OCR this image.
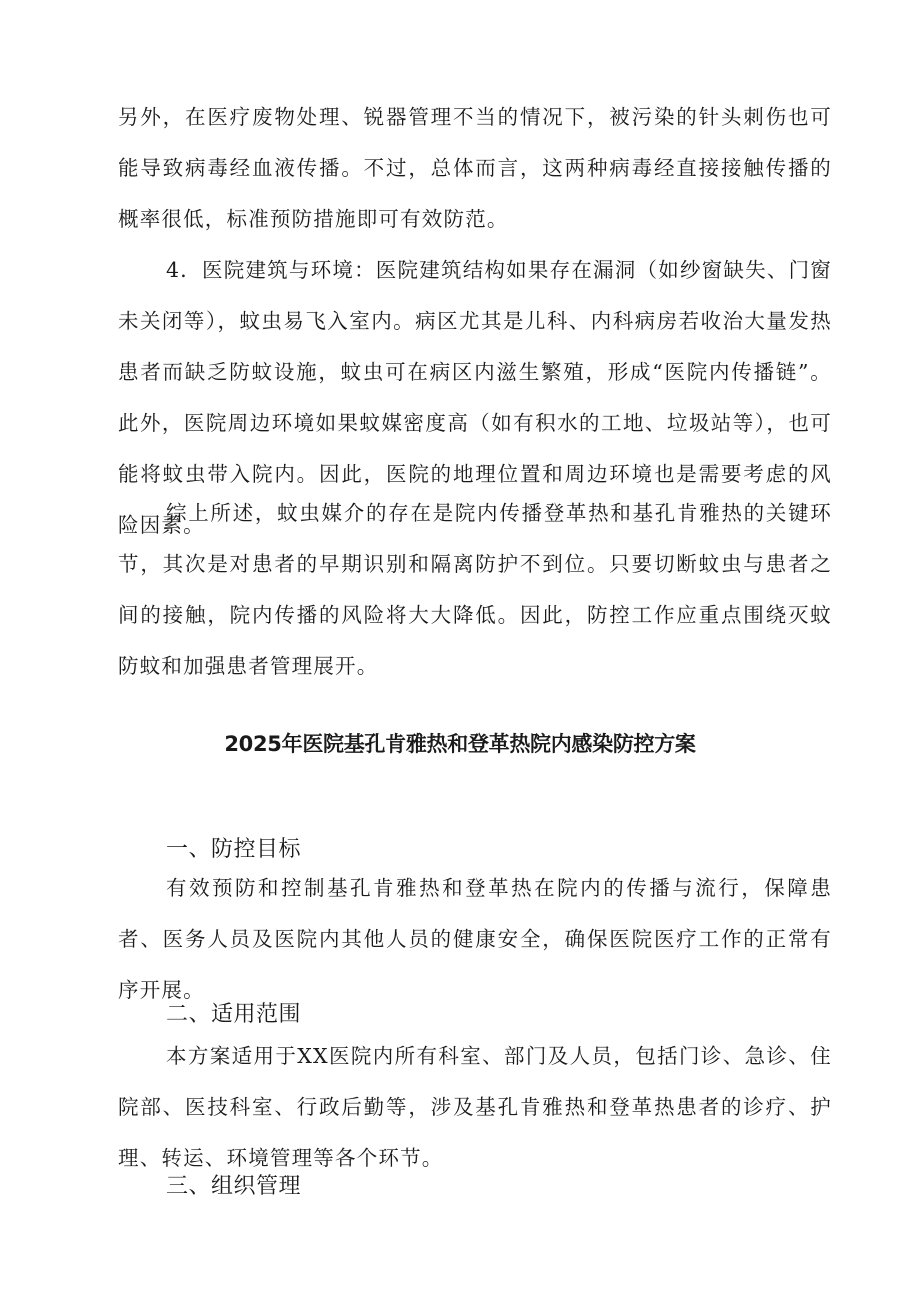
另外，在医疗废物处理、锐器管理不当的情况下，被污染的针头刺伤也可能导致病毒经血液传播。不过，总体而言，这两种病毒经直接接触传播的概率很低，标准预防措施即可有效防范。

4．医院建筑与环境：医院建筑结构如果存在漏洞（如纱窗缺失、门窗未关闭等），蚊虫易飞入室内。病区尤其是儿科、内科病房若收治大量发热患者而缺乏防蚊设施，蚊虫可在病区内滋生繁殖，形成“医院内传播链”。此外，医院周边环境如果蚊媒密度高（如有积水的工地、垃圾站等），也可能将蚊虫带入院内。因此，医院的地理位置和周边环境也是需要考虑的风险因素。

综上所述，蚊虫媒介的存在是院内传播登革热和基孔肯雅热的关键环节，其次是对患者的早期识别和隔离防护不到位。只要切断蚊虫与患者之间的接触，院内传播的风险将大大降低。因此，防控工作应重点围绕灭蚊防蚊和加强患者管理展开。

2025年医院基孔肯雅热和登革热院内感染防控方案
一、防控目标

有效预防和控制基孔肯雅热和登革热在院内的传播与流行，保障患者、医务人员及医院内其他人员的健康安全，确保医院医疗工作的正常有序开展。

二、适用范围

本方案适用于XX医院内所有科室、部门及人员，包括门诊、急诊、住院部、医技科室、行政后勤等，涉及基孔肯雅热和登革热患者的诊疗、护理、转运、环境管理等各个环节。

三、组织管理
